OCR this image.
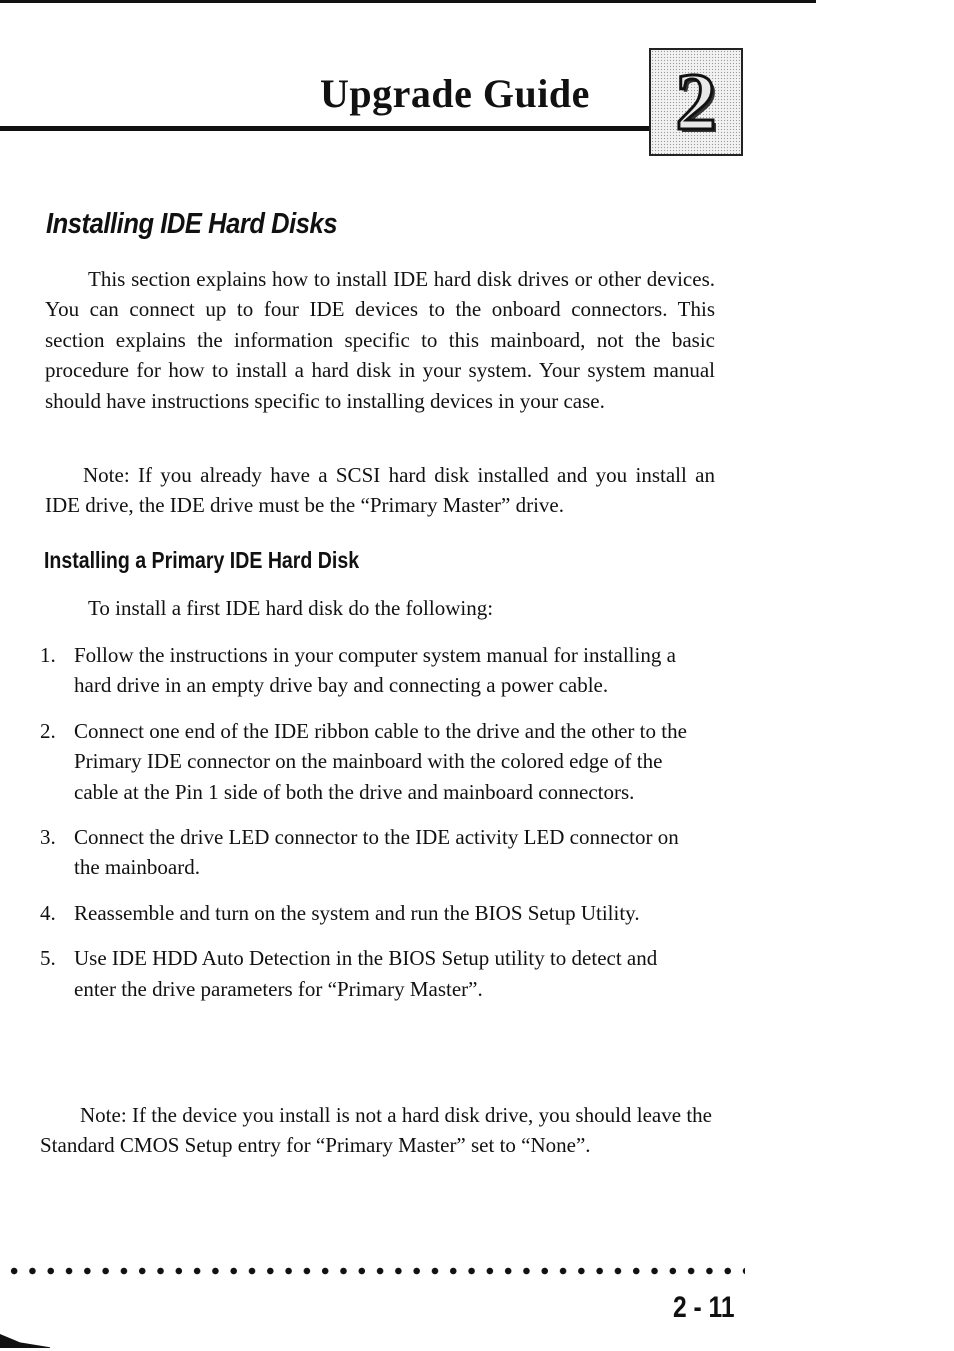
Upgrade Guide 2
Installing IDE Hard Disks

This section explains how to install IDE hard disk drives or other devices. You can connect up to four IDE devices to the onboard connectors. This section explains the information specific to this mainboard, not the basic procedure for how to install a hard disk in your system. Your system manual should have instructions specific to installing devices in your case.

Note: If you already have a SCSI hard disk installed and you install an IDE drive, the IDE drive must be the “Primary Master” drive.

Installing a Primary IDE Hard Disk
To install a first IDE hard disk do the following:
1. Follow the instructions in your computer system manual for installing a hard drive in an empty drive bay and connecting a power cable.
2. Connect one end of the IDE ribbon cable to the drive and the other to the Primary IDE connector on the mainboard with the colored edge of the cable at the Pin 1 side of both the drive and mainboard connectors.
3. Connect the drive LED connector to the IDE activity LED connector on the mainboard.
4. Reassemble and turn on the system and run the BIOS Setup Utility.
5. Use IDE HDD Auto Detection in the BIOS Setup utility to detect and enter the drive parameters for “Primary Master”.

Note: If the device you install is not a hard disk drive, you should leave the Standard CMOS Setup entry for “Primary Master” set to “None”.

2 - 11
